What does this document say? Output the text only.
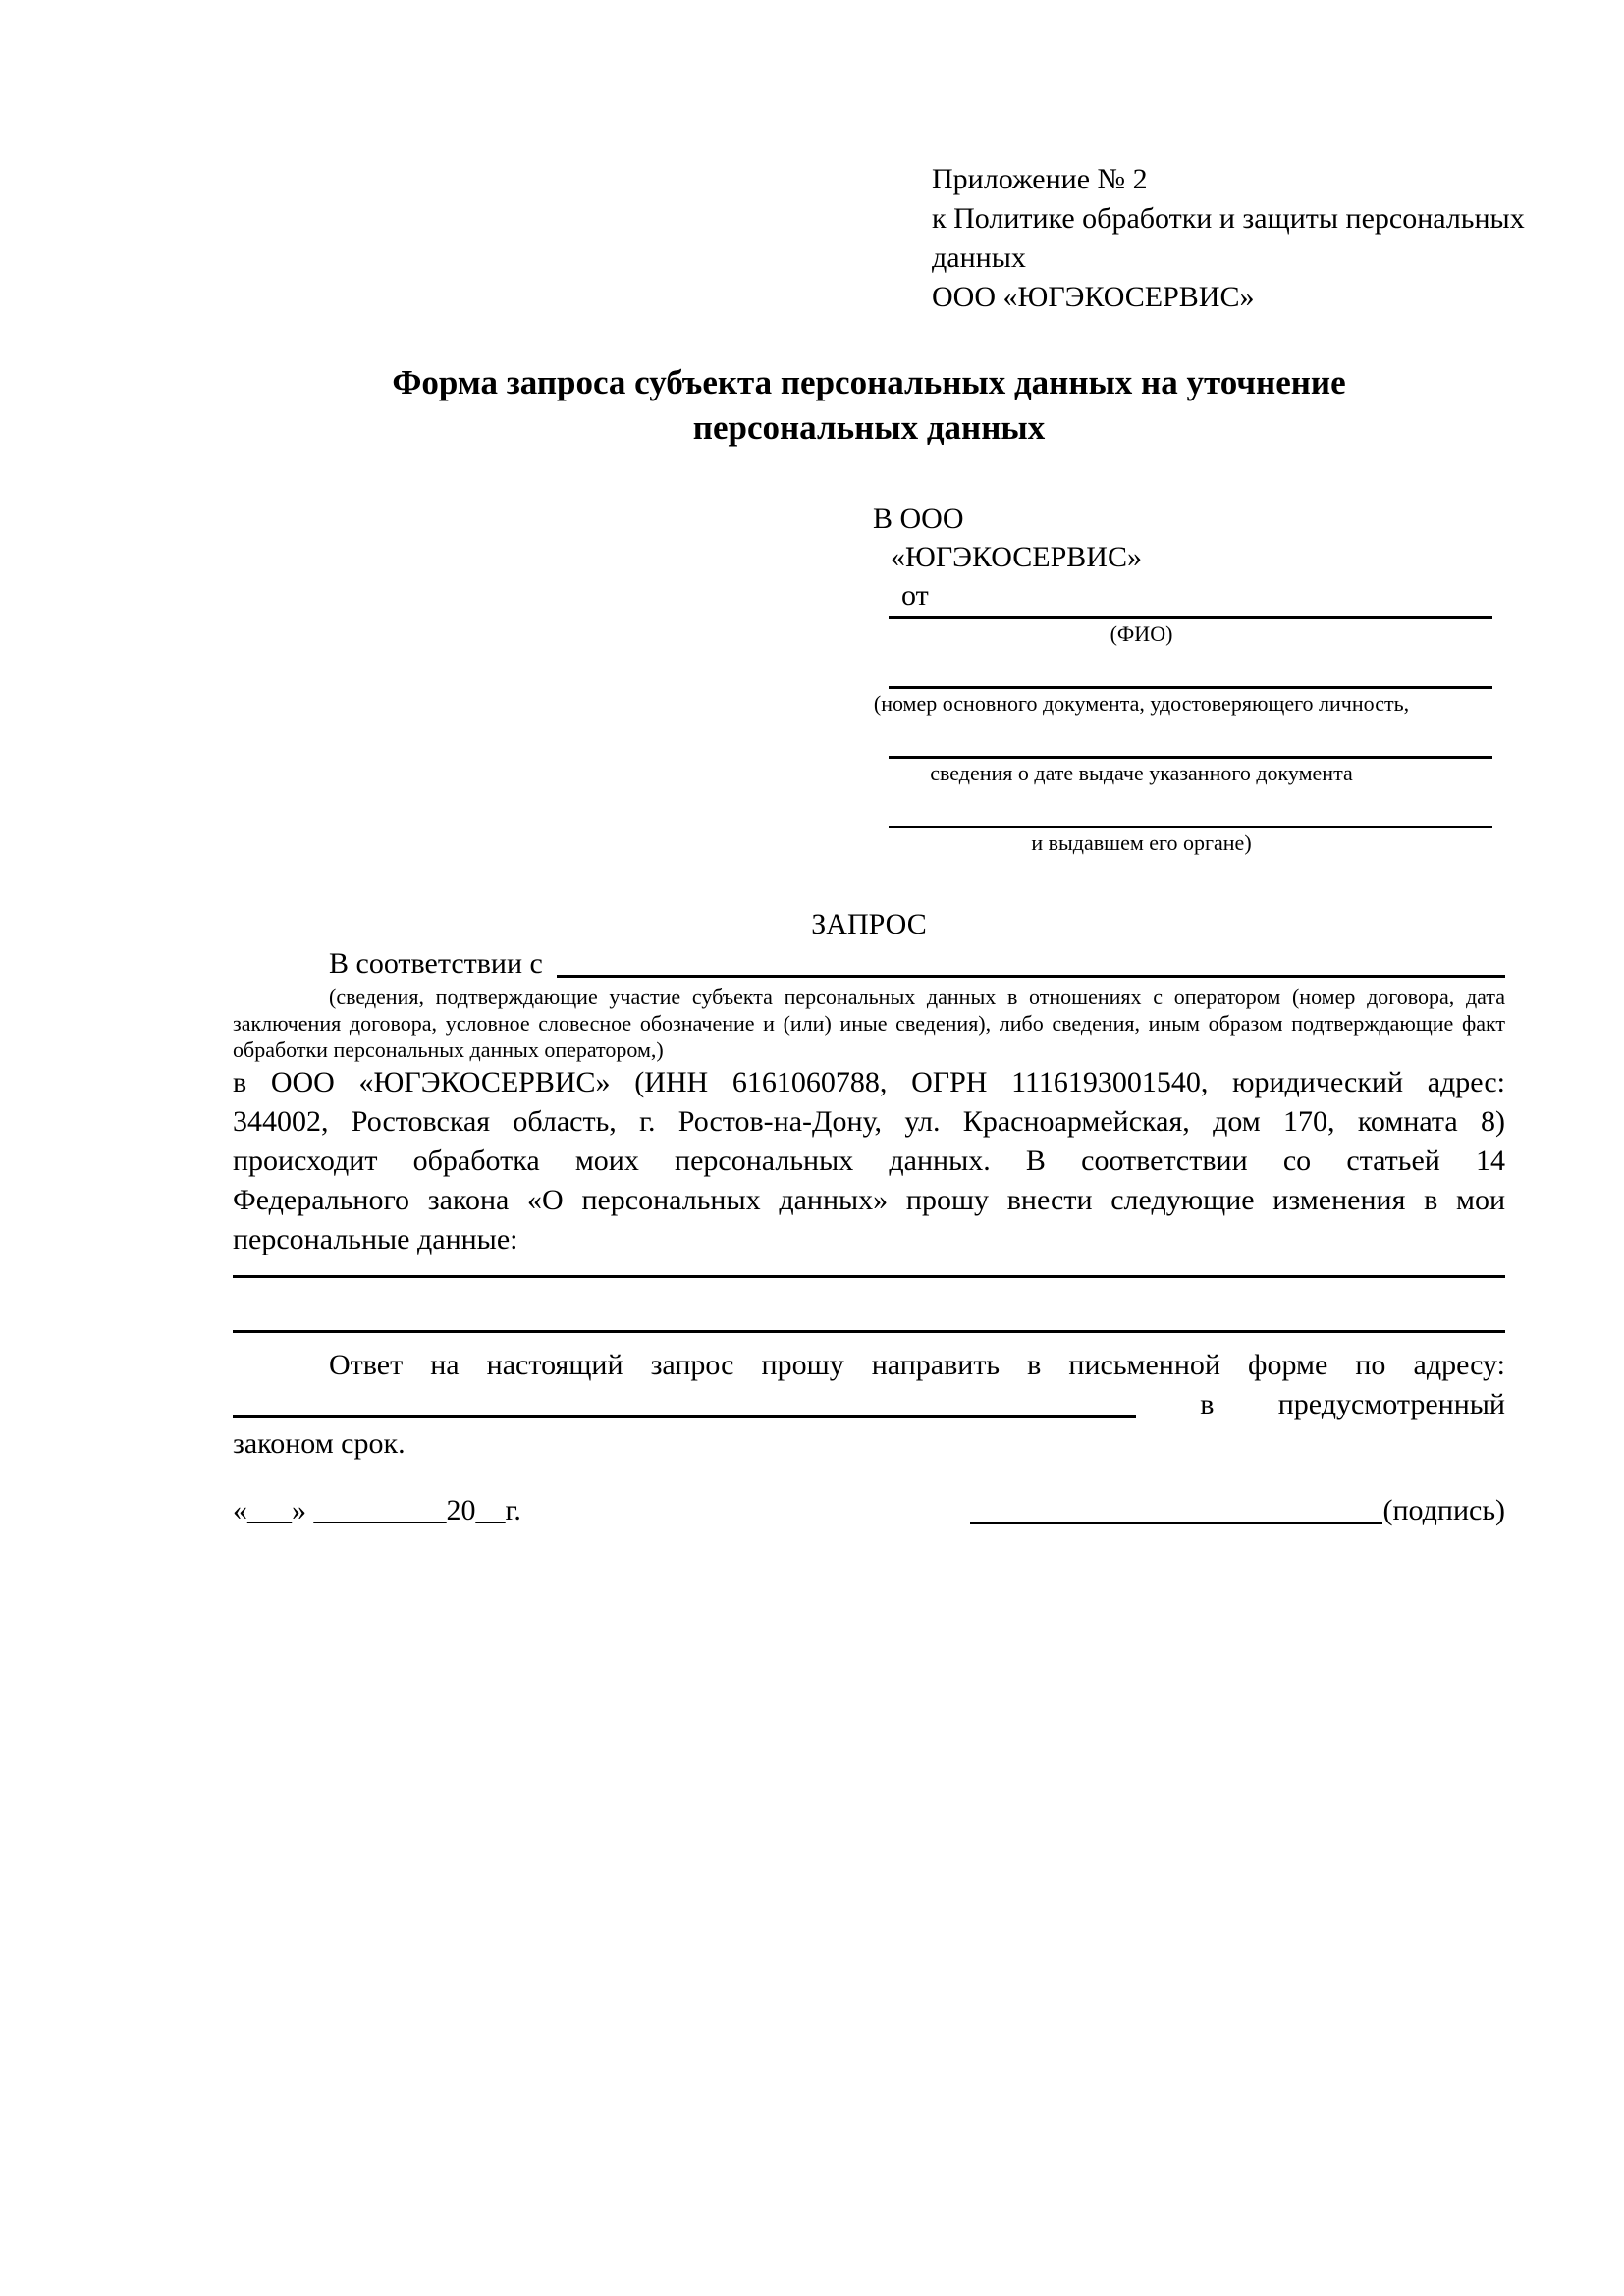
Приложение № 2
к Политике обработки и защиты персональных данных
ООО «ЮГЭКОСЕРВИС»
Форма запроса субъекта персональных данных на уточнение персональных данных
В ООО
«ЮГЭКОСЕРВИС»
от
(ФИО)
(номер основного документа, удостоверяющего личность,
сведения о дате выдаче указанного документа
и выдавшем его органе)
ЗАПРОС
В соответствии с

(сведения, подтверждающие участие субъекта персональных данных в отношениях с оператором (номер договора, дата заключения договора, условное словесное обозначение и (или) иные сведения), либо сведения, иным образом подтверждающие факт обработки персональных данных оператором,)

в ООО «ЮГЭКОСЕРВИС» (ИНН 6161060788, ОГРН 1116193001540, юридический адрес:
344002, Ростовская область, г. Ростов-на-Дону, ул. Красноармейская, дом 170, комната 8)
происходит обработка моих персональных данных. В соответствии со статьей 14
Федерального закона «О персональных данных» прошу внести следующие изменения в мои
персональные данные:
Ответ на настоящий запрос прошу направить в письменной форме по адресу:
в предусмотренный
законом срок.
«___» _________20__г.	(подпись)
